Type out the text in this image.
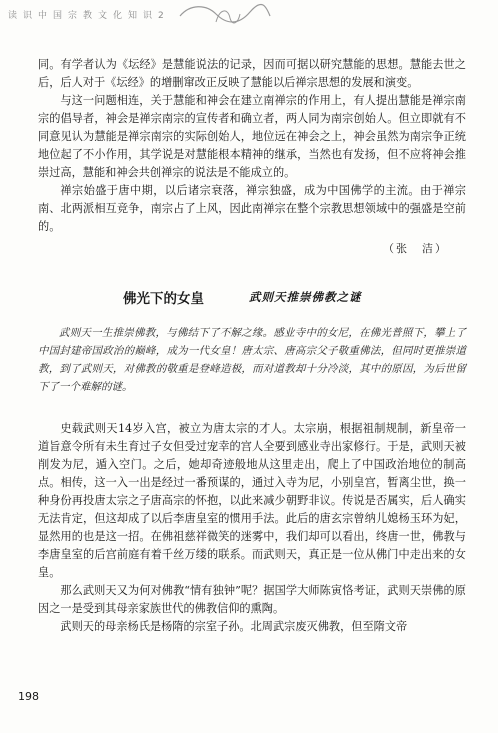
读识中国宗教文化知识2

同。有学者认为《坛经》是慧能说法的记录，因而可据以研究慧能的思想。慧能去世之后，后人对于《坛经》的增删窜改正反映了慧能以后禅宗思想的发展和演变。

与这一问题相连，关于慧能和神会在建立南禅宗的作用上，有人提出慧能是禅宗南宗的倡导者，神会是禅宗南宗的宣传者和确立者，两人同为南宗创始人。但立即就有不同意见认为慧能是禅宗南宗的实际创始人，地位远在神会之上，神会虽然为南宗争正统地位起了不小作用，其学说是对慧能根本精神的继承，当然也有发扬，但不应将神会推崇过高，慧能和神会共创禅宗的说法是不能成立的。

禅宗始盛于唐中期，以后诸宗衰落，禅宗独盛，成为中国佛学的主流。由于禅宗南、北两派相互竞争，南宗占了上风，因此南禅宗在整个宗教思想领域中的强盛是空前的。

（张　洁）

佛光下的女皇	武则天推崇佛教之谜

武则天一生推崇佛教，与佛结下了不解之缘。感业寺中的女尼，在佛光普照下，攀上了中国封建帝国政治的巅峰，成为一代女皇！唐太宗、唐高宗父子敬重佛法，但同时更推崇道教，到了武则天，对佛教的敬重是登峰造极，而对道教却十分冷淡，其中的原因，为后世留下了一个难解的谜。

史载武则天14岁入宫，被立为唐太宗的才人。太宗崩，根据祖制规制，新皇帝一道旨意令所有未生育过子女但受过宠幸的宫人全要到感业寺出家修行。于是，武则天被削发为尼，遁入空门。之后，她却奇迹般地从这里走出，爬上了中国政治地位的制高点。相传，这一入一出是经过一番预谋的，通过入寺为尼，小别皇宫，暂离尘世，换一种身份再投唐太宗之子唐高宗的怀抱，以此来减少朝野非议。传说是否属实，后人确实无法肯定，但这却成了以后李唐皇室的惯用手法。此后的唐玄宗曾纳儿媳杨玉环为妃，显然用的也是这一招。在佛祖慈祥微笑的迷雾中，我们却可以看出，终唐一世，佛教与李唐皇室的后宫前庭有着千丝万缕的联系。而武则天，真正是一位从佛门中走出来的女皇。

那么武则天又为何对佛教“情有独钟”呢？据国学大师陈寅恪考证，武则天崇佛的原因之一是受到其母亲家族世代的佛教信仰的熏陶。

武则天的母亲杨氏是杨隋的宗室子孙。北周武宗废灭佛教，但至隋文帝

198
